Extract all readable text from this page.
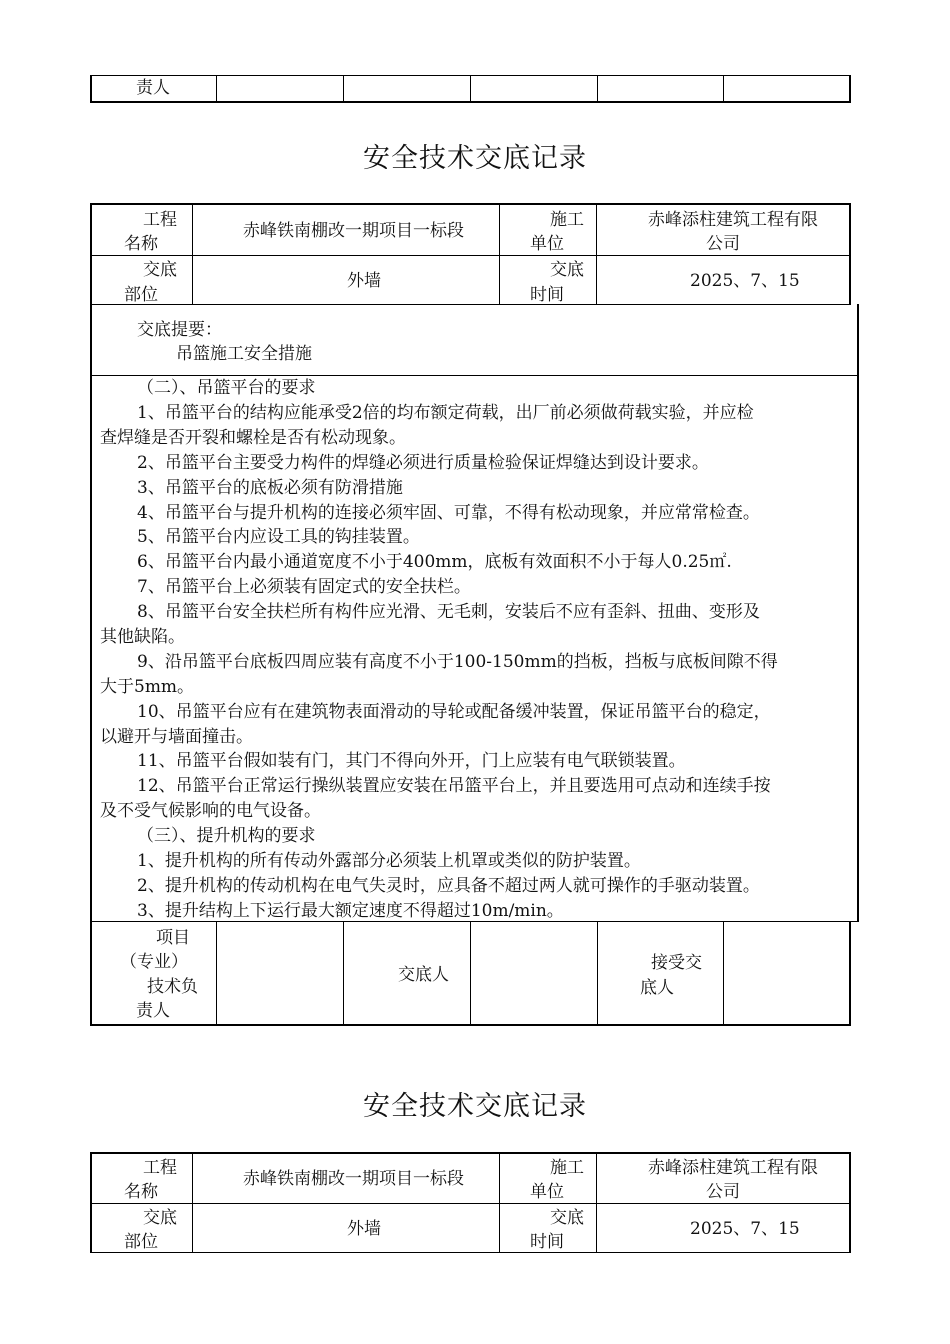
责人
安全技术交底记录
工程
名称
赤峰铁南棚改一期项目一标段
施工
单位
赤峰添柱建筑工程有限
公司
交底
部位
外墙
交底
时间
2025、7、15
交底提要：
吊篮施工安全措施
（二）、吊篮平台的要求
1、吊篮平台的结构应能承受2倍的均布额定荷载，出厂前必须做荷载实验，并应检
查焊缝是否开裂和螺栓是否有松动现象。
2、吊篮平台主要受力构件的焊缝必须进行质量检验保证焊缝达到设计要求。
3、吊篮平台的底板必须有防滑措施
4、吊篮平台与提升机构的连接必须牢固、可靠，不得有松动现象，并应常常检查。
5、吊篮平台内应设工具的钩挂装置。
6、吊篮平台内最小通道宽度不小于400mm，底板有效面积不小于每人0.25㎡.
7、吊篮平台上必须装有固定式的安全扶栏。
8、吊篮平台安全扶栏所有构件应光滑、无毛刺，安装后不应有歪斜、扭曲、变形及
其他缺陷。
9、沿吊篮平台底板四周应装有高度不小于100-150mm的挡板，挡板与底板间隙不得
大于5mm。
10、吊篮平台应有在建筑物表面滑动的导轮或配备缓冲装置，保证吊篮平台的稳定，
以避开与墙面撞击。
11、吊篮平台假如装有门，其门不得向外开，门上应装有电气联锁装置。
12、吊篮平台正常运行操纵装置应安装在吊篮平台上，并且要选用可点动和连续手按
及不受气候影响的电气设备。
（三）、提升机构的要求
1、提升机构的所有传动外露部分必须装上机罩或类似的防护装置。
2、提升机构的传动机构在电气失灵时，应具备不超过两人就可操作的手驱动装置。
3、提升结构上下运行最大额定速度不得超过10m/min。
项目
（专业）
技术负
责人
交底人
接受交
底人
安全技术交底记录
工程
名称
赤峰铁南棚改一期项目一标段
施工
单位
赤峰添柱建筑工程有限
公司
交底
部位
外墙
交底
时间
2025、7、15
